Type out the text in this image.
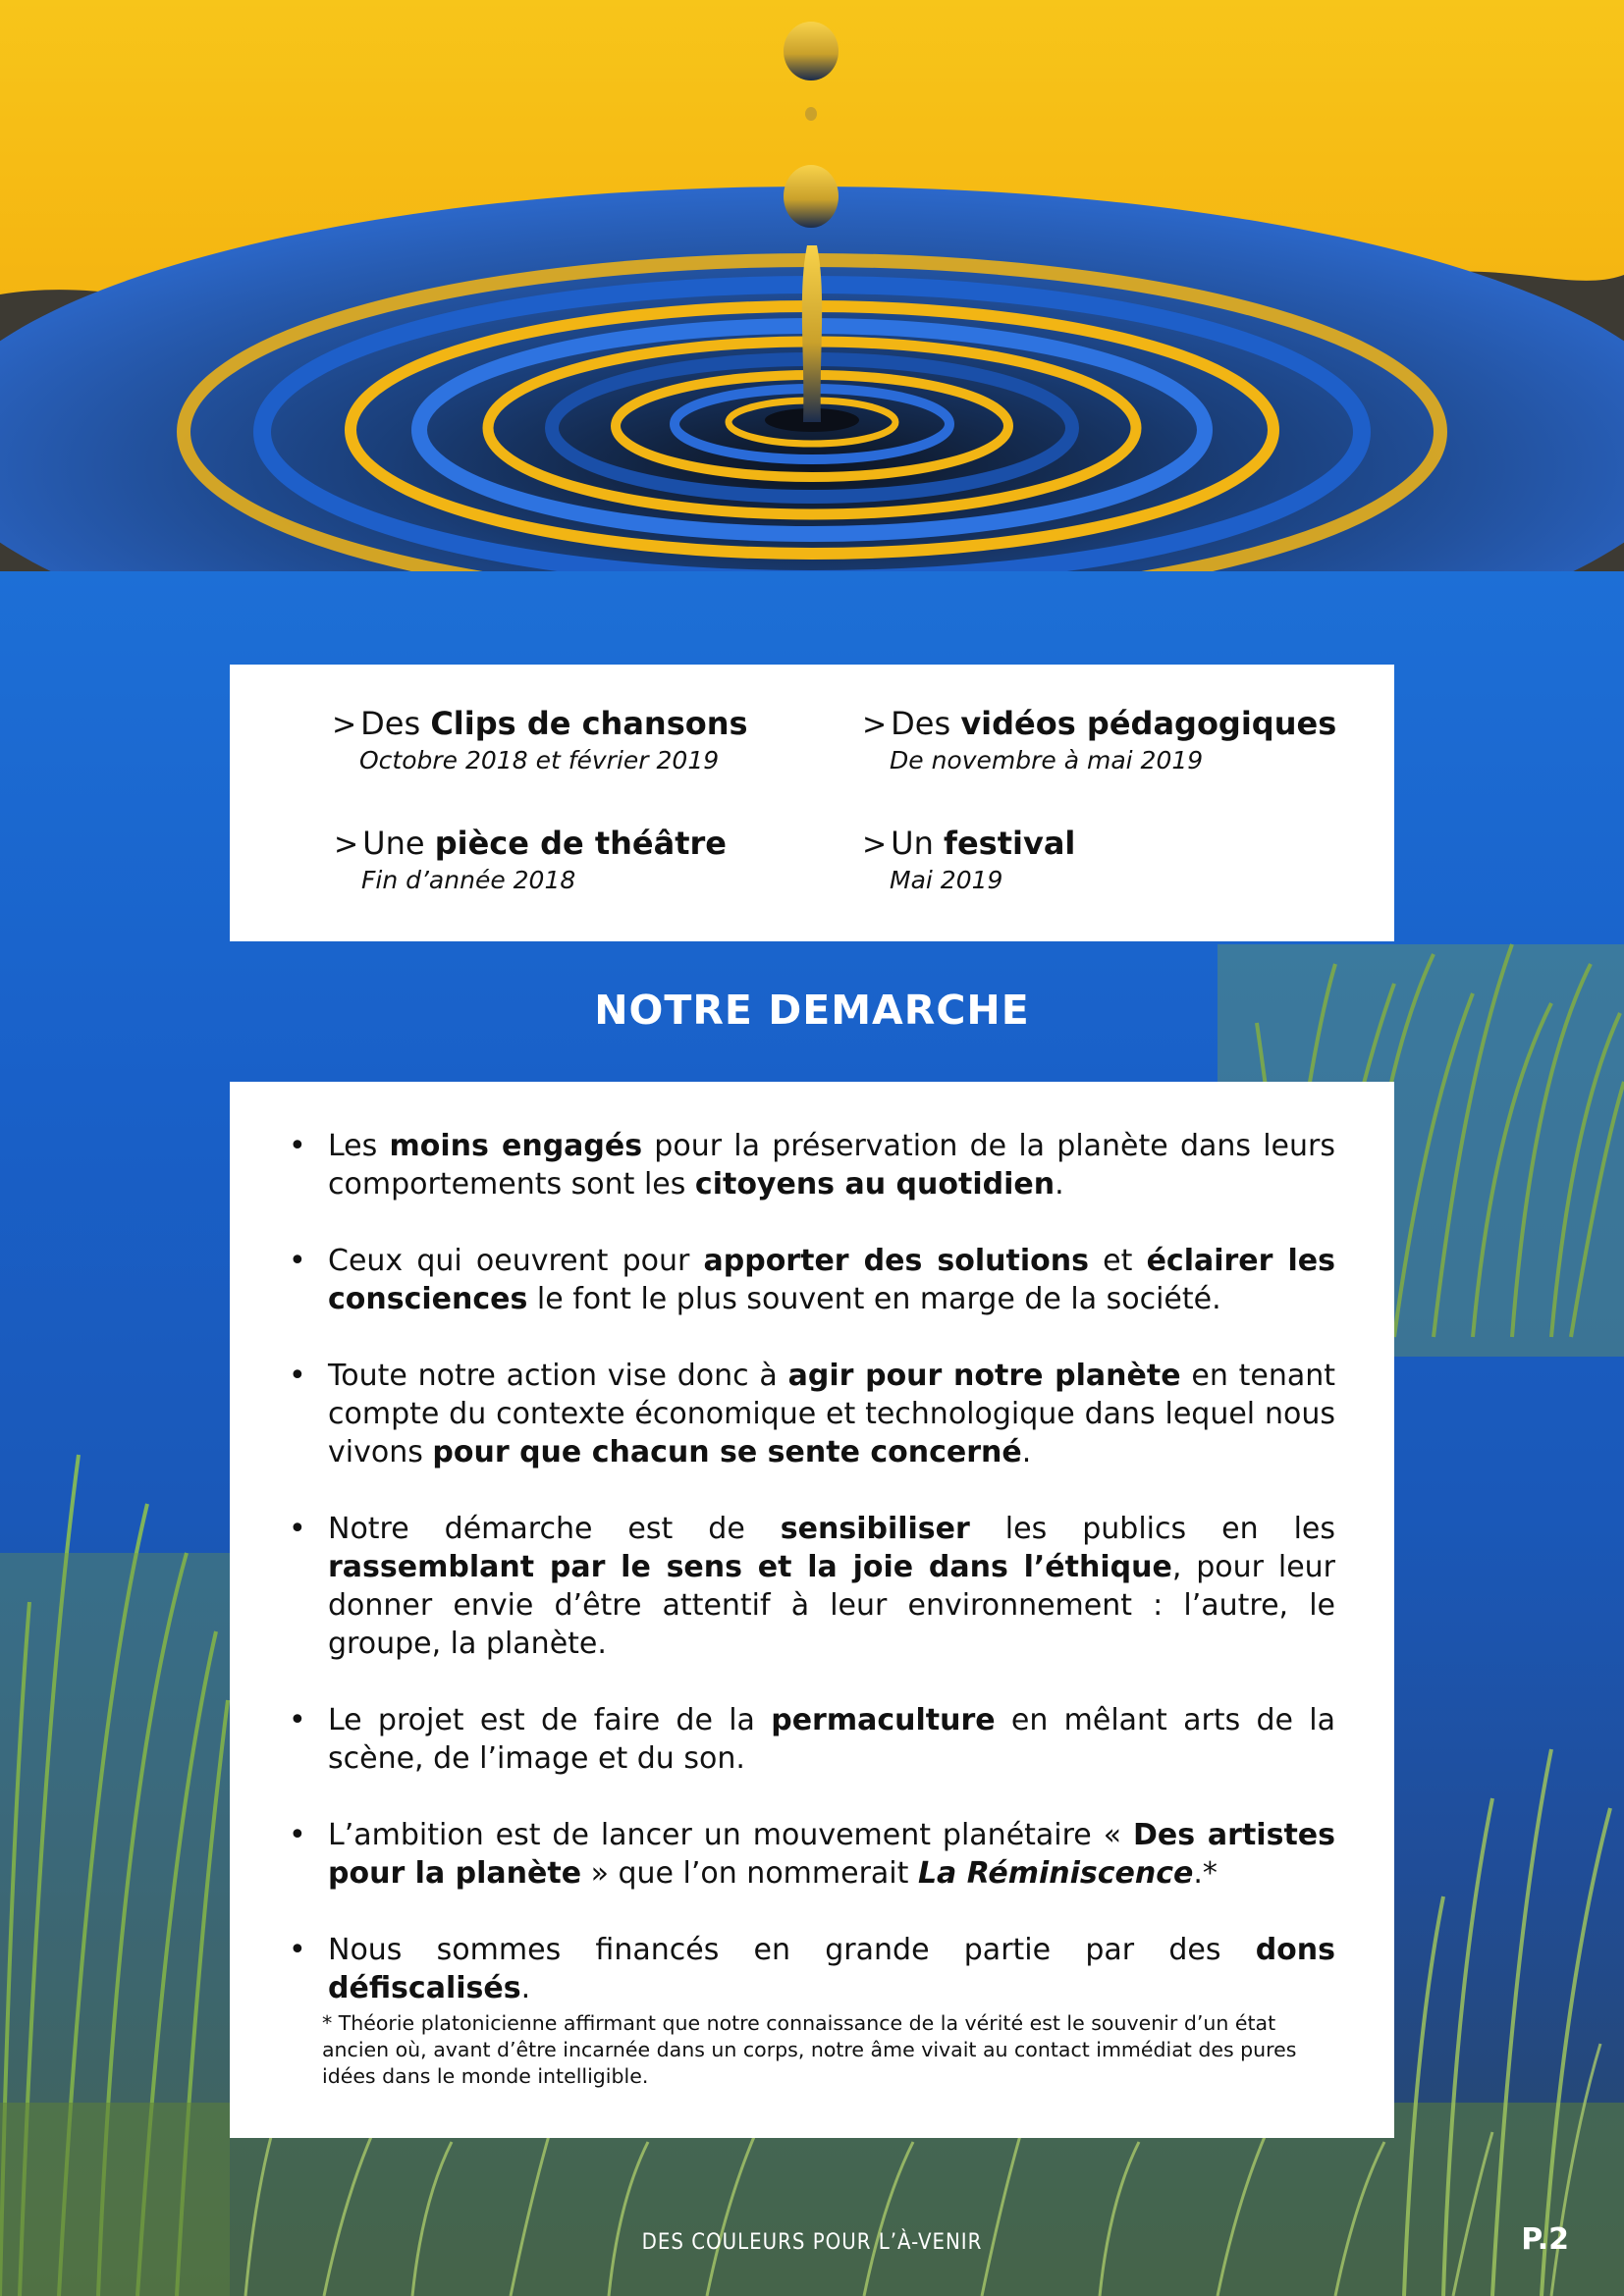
> Des Clips de chansons
Octobre 2018 et février 2019
> Des vidéos pédagogiques
De novembre à mai 2019
> Une pièce de théâtre
Fin d’année 2018
> Un festival
Mai 2019
NOTRE DEMARCHE
• Les moins engagés pour la préservation de la planète dans leurs comportements sont les citoyens au quotidien.
• Ceux qui oeuvrent pour apporter des solutions et éclairer les consciences le font le plus souvent en marge de la société.
• Toute notre action vise donc à agir pour notre planète en tenant compte du contexte économique et technologique dans lequel nous vivons pour que chacun se sente concerné.
• Notre démarche est de sensibiliser les publics en les rassemblant par le sens et la joie dans l’éthique, pour leur donner envie d’être attentif à leur environnement : l’autre, le groupe, la planète.
• Le projet est de faire de la permaculture en mêlant arts de la scène, de l’image et du son.
• L’ambition est de lancer un mouvement planétaire « Des artistes pour la planète » que l’on nommerait La Réminiscence.*
• Nous sommes financés en grande partie par des dons défiscalisés.
* Théorie platonicienne affirmant que notre connaissance de la vérité est le souvenir d’un état ancien où, avant d’être incarnée dans un corps, notre âme vivait au contact immédiat des pures idées dans le monde intelligible.
DES COULEURS POUR L’À-VENIR	P.2
